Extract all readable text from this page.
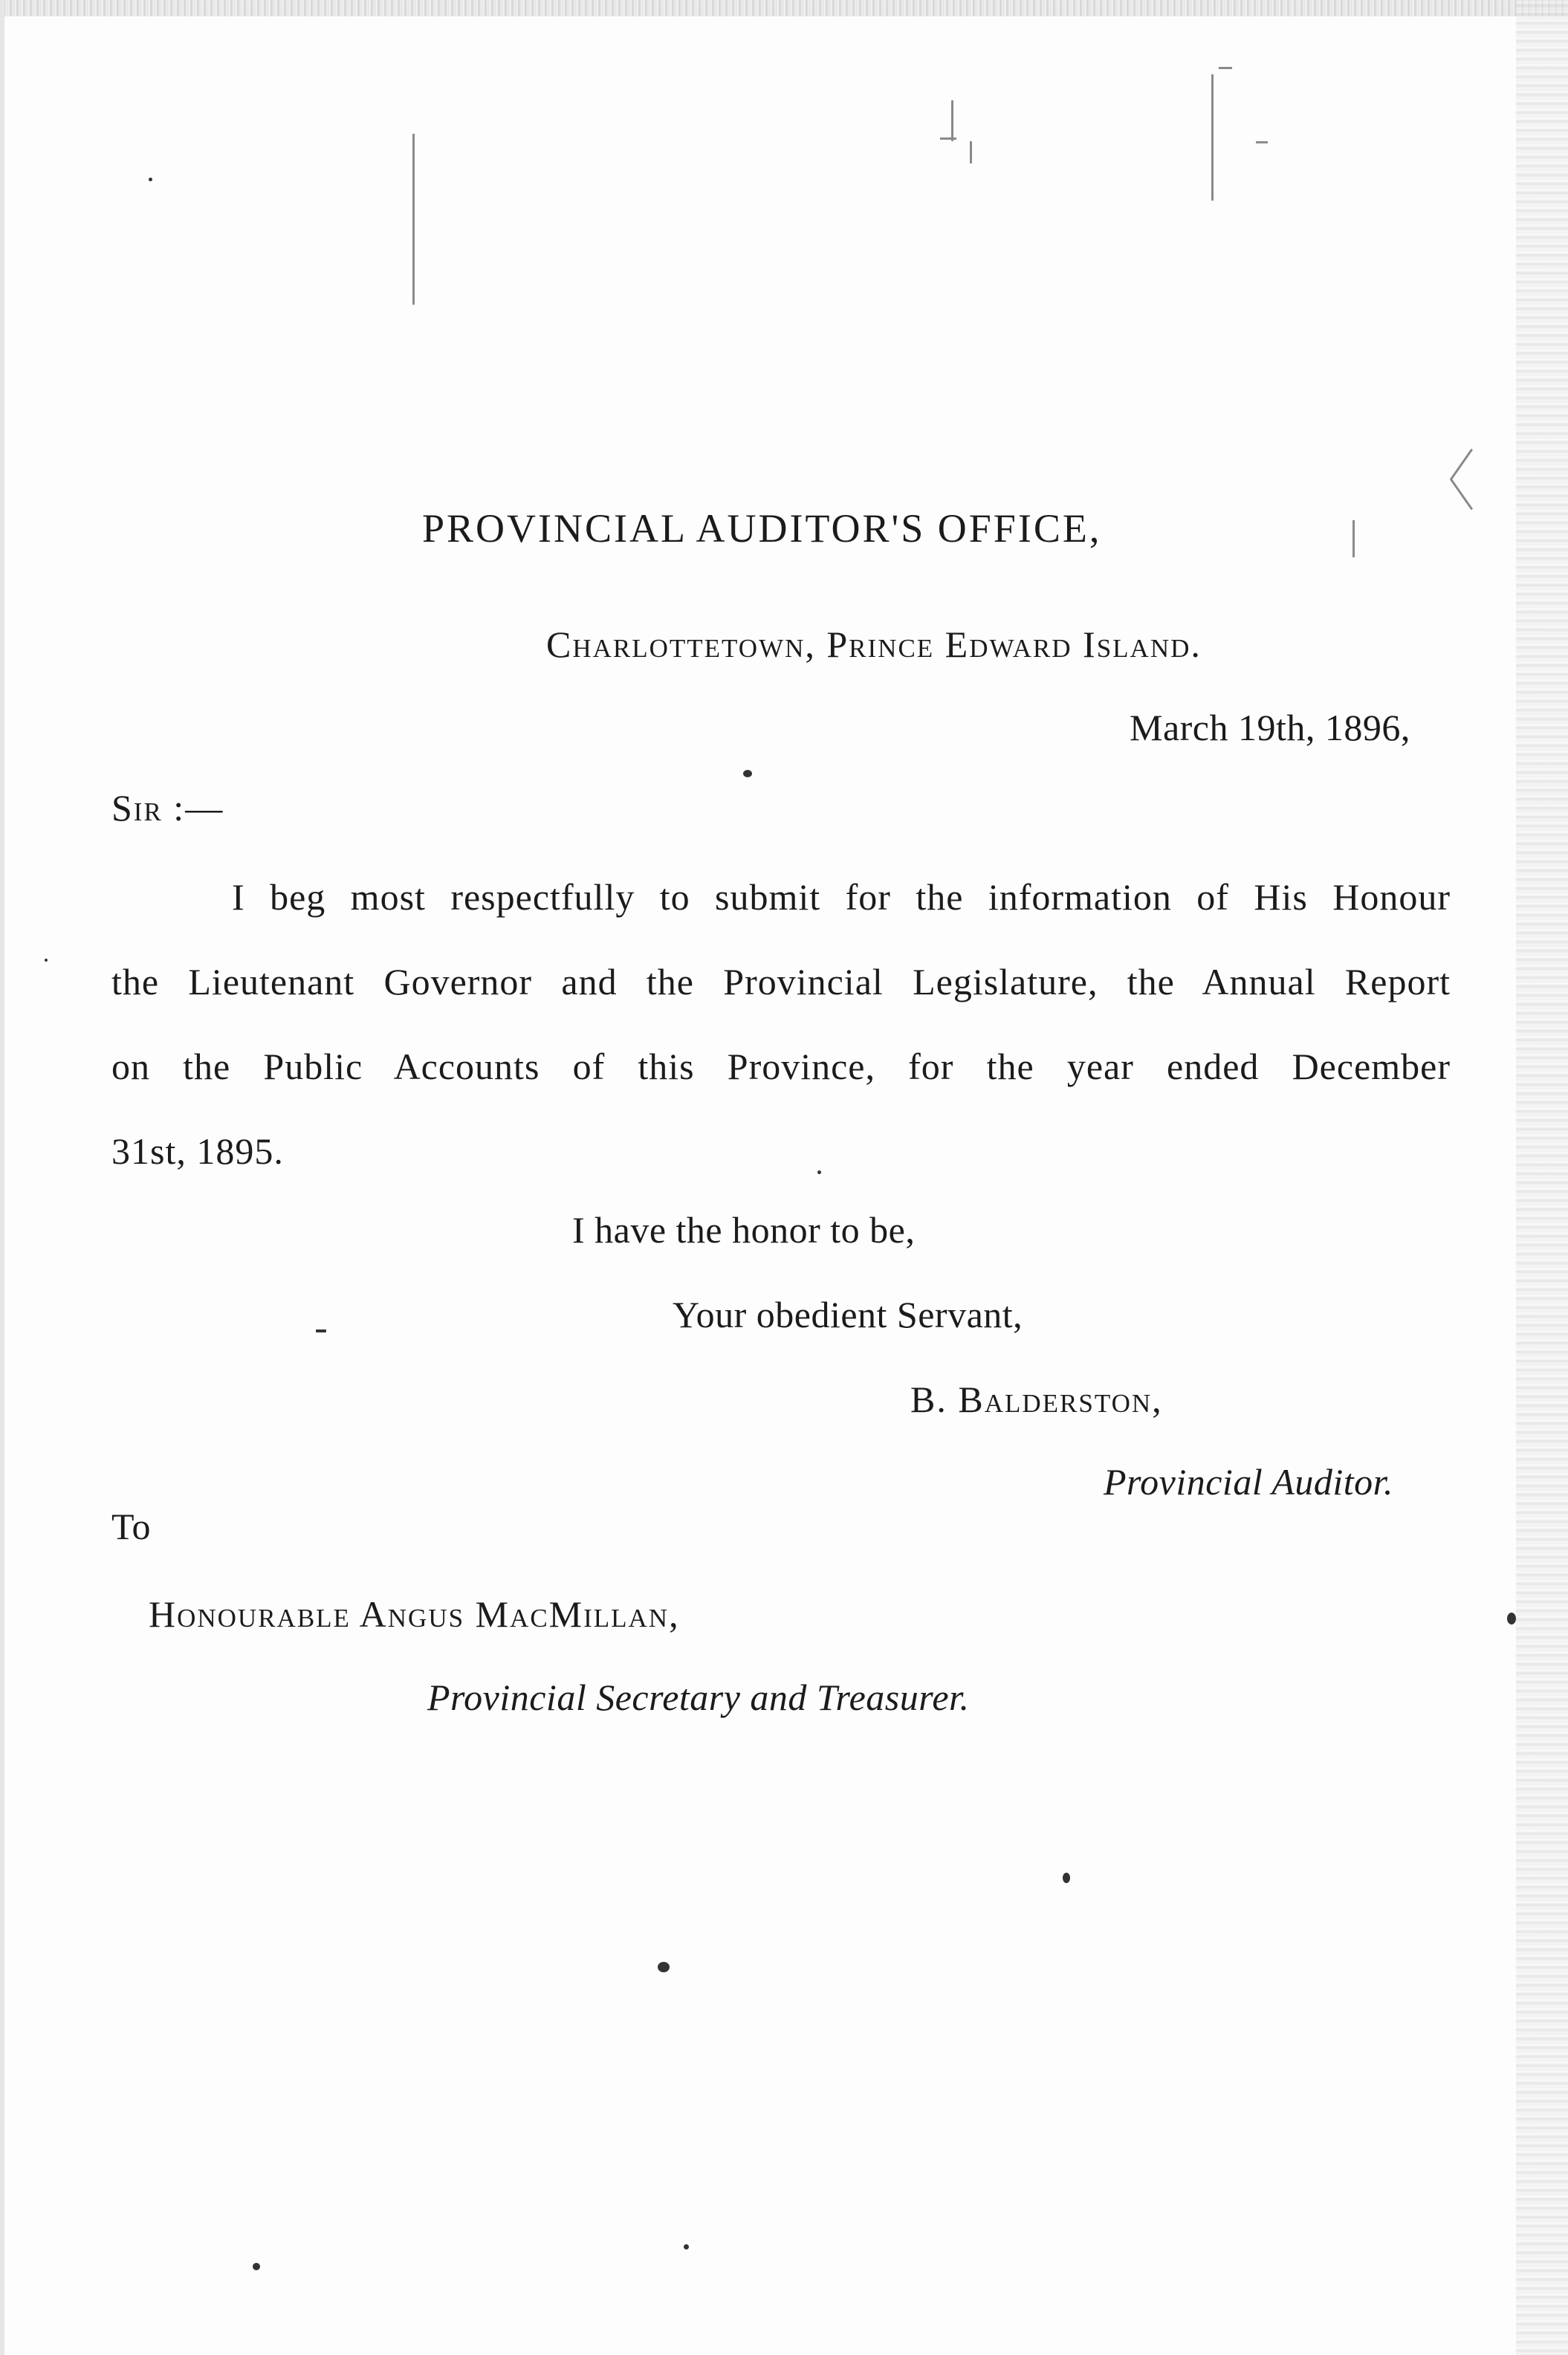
PROVINCIAL AUDITOR'S OFFICE,
Charlottetown, Prince Edward Island.
March 19th, 1896,
Sir :—
I beg most respectfully to submit for the information of His Honour
the Lieutenant Governor and the Provincial Legislature, the Annual Report
on the Public Accounts of this Province, for the year ended December
31st, 1895.
I have the honor to be,
Your obedient Servant,
B. Balderston,
Provincial Auditor.
To
Honourable Angus MacMillan,
Provincial Secretary and Treasurer.
